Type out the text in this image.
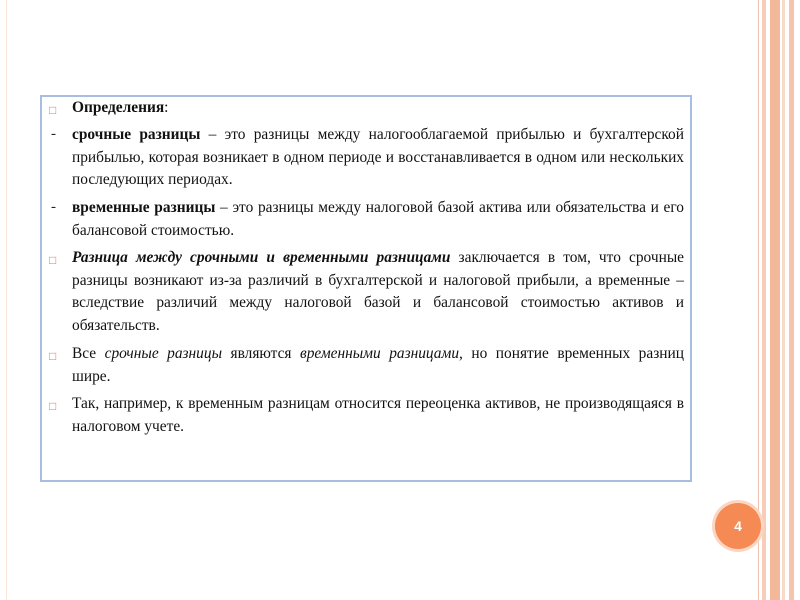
□ Определения:

- срочные разницы – это разницы между налогооблагаемой прибылью и бухгалтерской прибылью, которая возникает в одном периоде и восстанавливается в одном или нескольких последующих периодах.

- временные разницы – это разницы между налоговой базой актива или обязательства и его балансовой стоимостью.

□ Разница между срочными и временными разницами заключается в том, что срочные разницы возникают из-за различий в бухгалтерской и налоговой прибыли, а временные – вследствие различий между налоговой базой и балансовой стоимостью активов и обязательств.

□ Все срочные разницы являются временными разницами, но понятие временных разниц шире.

□ Так, например, к временным разницам относится переоценка активов, не производящаяся в налоговом учете.

4
